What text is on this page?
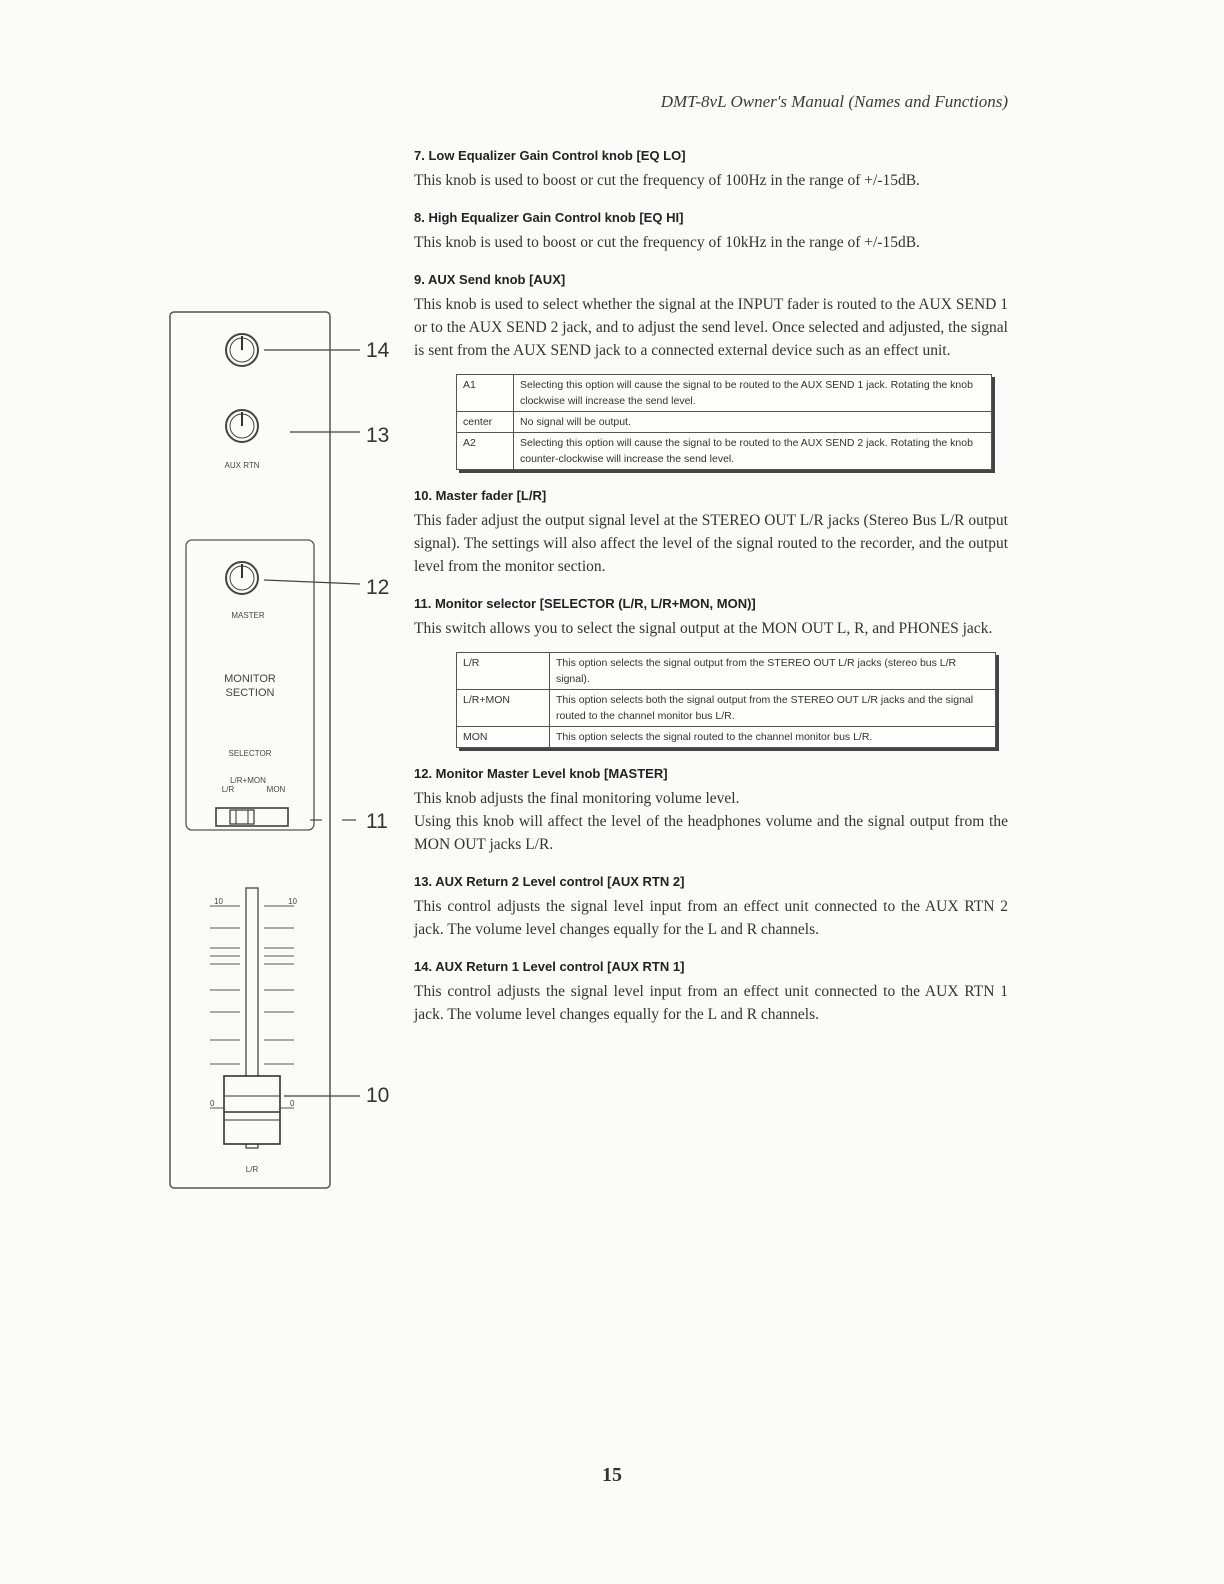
DMT-8vL Owner's Manual (Names and Functions)
7. Low Equalizer Gain Control knob [EQ LO]
This knob is used to boost or cut the frequency of 100Hz in the range of +/-15dB.
8. High Equalizer Gain Control knob [EQ HI]
This knob is used to boost or cut the frequency of 10kHz in the range of +/-15dB.
9. AUX Send knob [AUX]
This knob is used to select whether the signal at the INPUT fader is routed to the AUX SEND 1 or to the AUX SEND 2 jack, and to adjust the send level. Once selected and adjusted, the signal is sent from the AUX SEND jack to a connected external device such as an effect unit.
A1	Selecting this option will cause the signal to be routed to the AUX SEND 1 jack. Rotating the knob clockwise will increase the send level.
center	No signal will be output.
A2	Selecting this option will cause the signal to be routed to the AUX SEND 2 jack. Rotating the knob counter-clockwise will increase the send level.
10. Master fader [L/R]
This fader adjust the output signal level at the STEREO OUT L/R jacks (Stereo Bus L/R output signal). The settings will also affect the level of the signal routed to the recorder, and the output level from the monitor section.
11. Monitor selector [SELECTOR (L/R, L/R+MON, MON)]
This switch allows you to select the signal output at the MON OUT L, R, and PHONES jack.
L/R	This option selects the signal output from the STEREO OUT L/R jacks (stereo bus L/R signal).
L/R+MON	This option selects both the signal output from the STEREO OUT L/R jacks and the signal routed to the channel monitor bus L/R.
MON	This option selects the signal routed to the channel monitor bus L/R.
12. Monitor Master Level knob [MASTER]

This knob adjusts the final monitoring volume level.

Using this knob will affect the level of the headphones volume and the signal output from the MON OUT jacks L/R.

13. AUX Return 2 Level control [AUX RTN 2]
This control adjusts the signal level input from an effect unit connected to the AUX RTN 2 jack. The volume level changes equally for the L and R channels.
14. AUX Return 1 Level control [AUX RTN 1]
This control adjusts the signal level input from an effect unit connected to the AUX RTN 1 jack. The volume level changes equally for the L and R channels.
14
AUX RTN
13
MASTER
12
MONITOR
SECTION
SELECTOR
L/R+MON
L/R	MON
11
10	10
0	0
L/R
10
15
